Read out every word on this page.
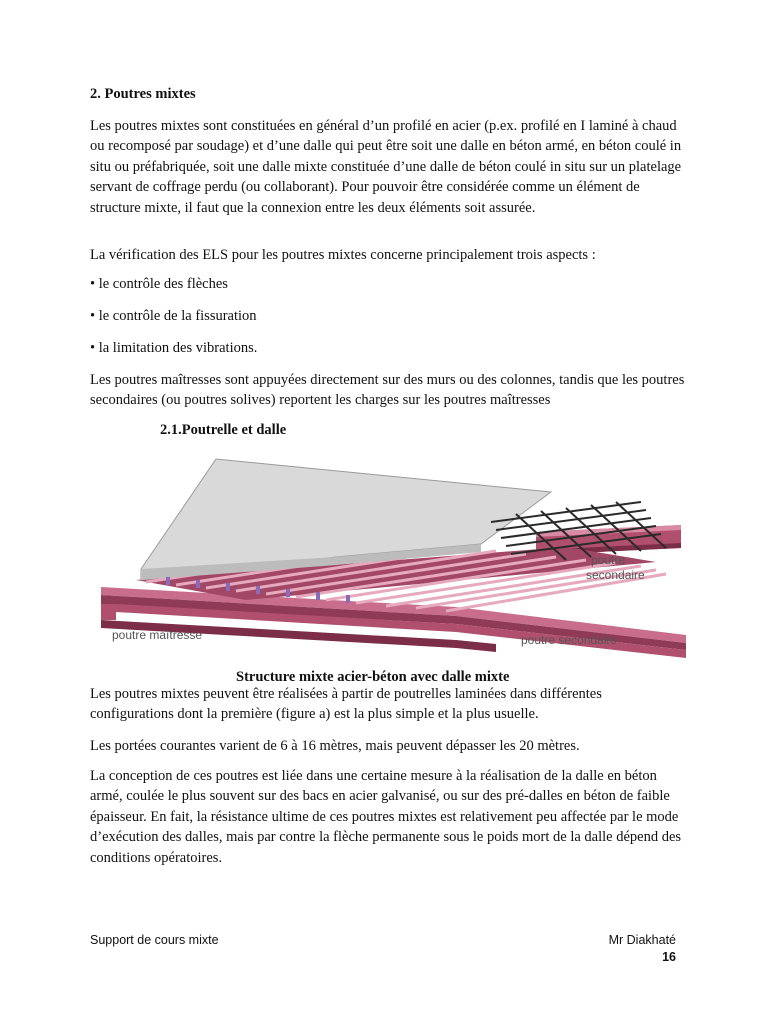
2. Poutres mixtes

Les poutres mixtes sont constituées en général d’un profilé en acier (p.ex. profilé en I laminé à chaud ou recomposé par soudage) et d’une dalle qui peut être soit une dalle en béton armé, en béton coulé in situ ou préfabriquée, soit une dalle mixte constituée d’une dalle de béton coulé in situ sur un platelage servant de coffrage perdu (ou collaborant). Pour pouvoir être considérée comme un élément de structure mixte, il faut que la connexion entre les deux éléments soit assurée.

La vérification des ELS pour les poutres mixtes concerne principalement trois aspects :

• le contrôle des flèches

• le contrôle de la fissuration

• la limitation des vibrations.

Les poutres maîtresses sont appuyées directement sur des murs ou des colonnes, tandis que les poutres secondaires (ou poutres solives) reportent les charges sur les poutres maîtresses

2.1.Poutrelle et dalle
poutre
secondaire
poutre maîtresse	poutre secondaire

Structure mixte acier-béton avec dalle mixte

Les poutres mixtes peuvent être réalisées à partir de poutrelles laminées dans différentes configurations dont la première (figure a) est la plus simple et la plus usuelle.

Les portées courantes varient de 6 à 16 mètres, mais peuvent dépasser les 20 mètres.

La conception de ces poutres est liée dans une certaine mesure à la réalisation de la dalle en béton armé, coulée le plus souvent sur des bacs en acier galvanisé, ou sur des pré-dalles en béton de faible épaisseur. En fait, la résistance ultime de ces poutres mixtes est relativement peu affectée par le mode d’exécution des dalles, mais par contre la flèche permanente sous le poids mort de la dalle dépend des conditions opératoires.

Support de cours mixte	Mr Diakhaté
16
